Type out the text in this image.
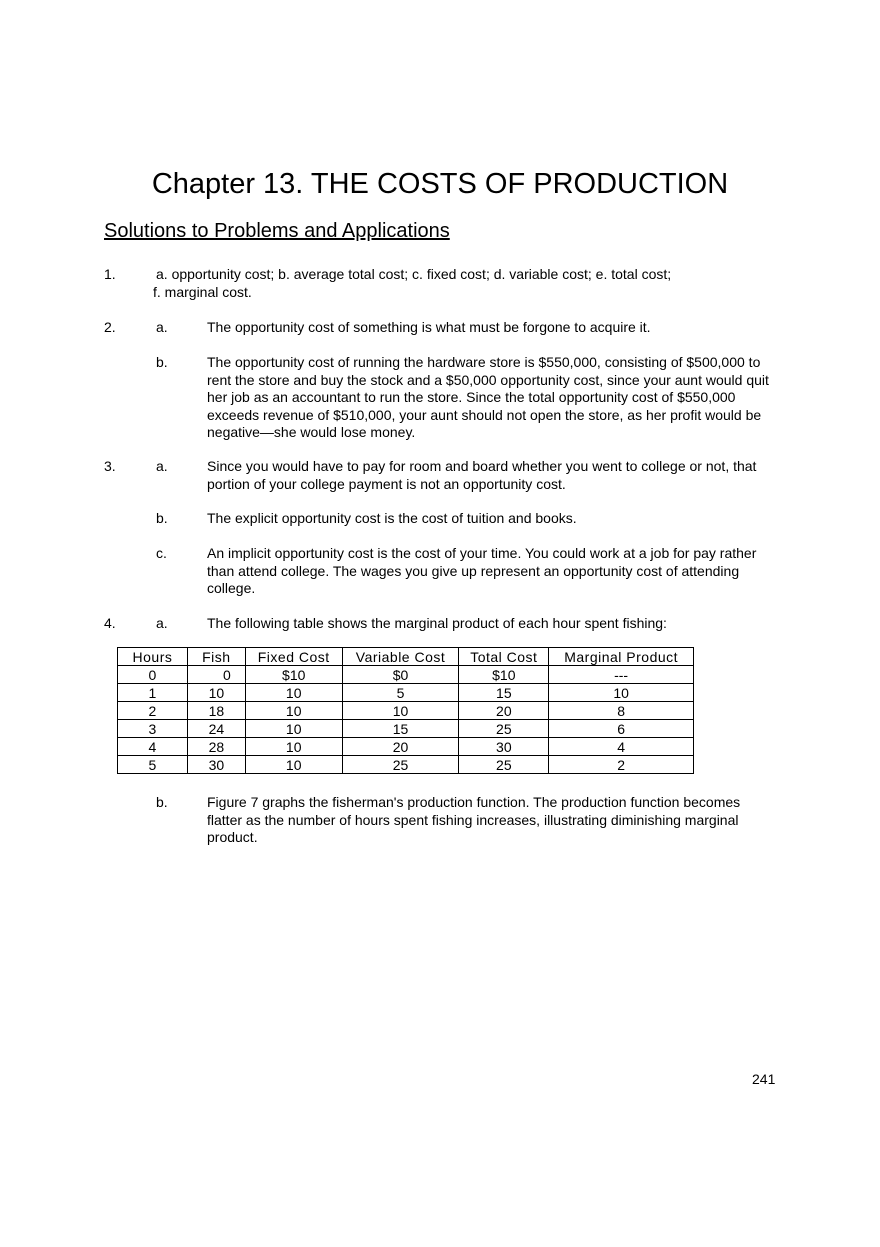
Chapter 13. THE COSTS OF PRODUCTION
Solutions to Problems and Applications
1.	a. opportunity cost; b. average total cost; c. fixed cost; d. variable cost; e. total cost;
f. marginal cost.
2.	a.	The opportunity cost of something is what must be forgone to acquire it.
b.	The opportunity cost of running the hardware store is $550,000, consisting of $500,000 to rent the store and buy the stock and a $50,000 opportunity cost, since your aunt would quit her job as an accountant to run the store. Since the total opportunity cost of $550,000 exceeds revenue of $510,000, your aunt should not open the store, as her profit would be negative—she would lose money.
3.	a.	Since you would have to pay for room and board whether you went to college or not, that portion of your college payment is not an opportunity cost.
b.	The explicit opportunity cost is the cost of tuition and books.
c.	An implicit opportunity cost is the cost of your time. You could work at a job for pay rather than attend college. The wages you give up represent an opportunity cost of attending college.
4.	a.	The following table shows the marginal product of each hour spent fishing:
Hours	Fish	Fixed Cost	Variable Cost	Total Cost	Marginal Product
0	0	$10	$0	$10	---
1	10	10	5	15	10
2	18	10	10	20	8
3	24	10	15	25	6
4	28	10	20	30	4
5	30	10	25	25	2
b.	Figure 7 graphs the fisherman's production function. The production function becomes flatter as the number of hours spent fishing increases, illustrating diminishing marginal product.
241
